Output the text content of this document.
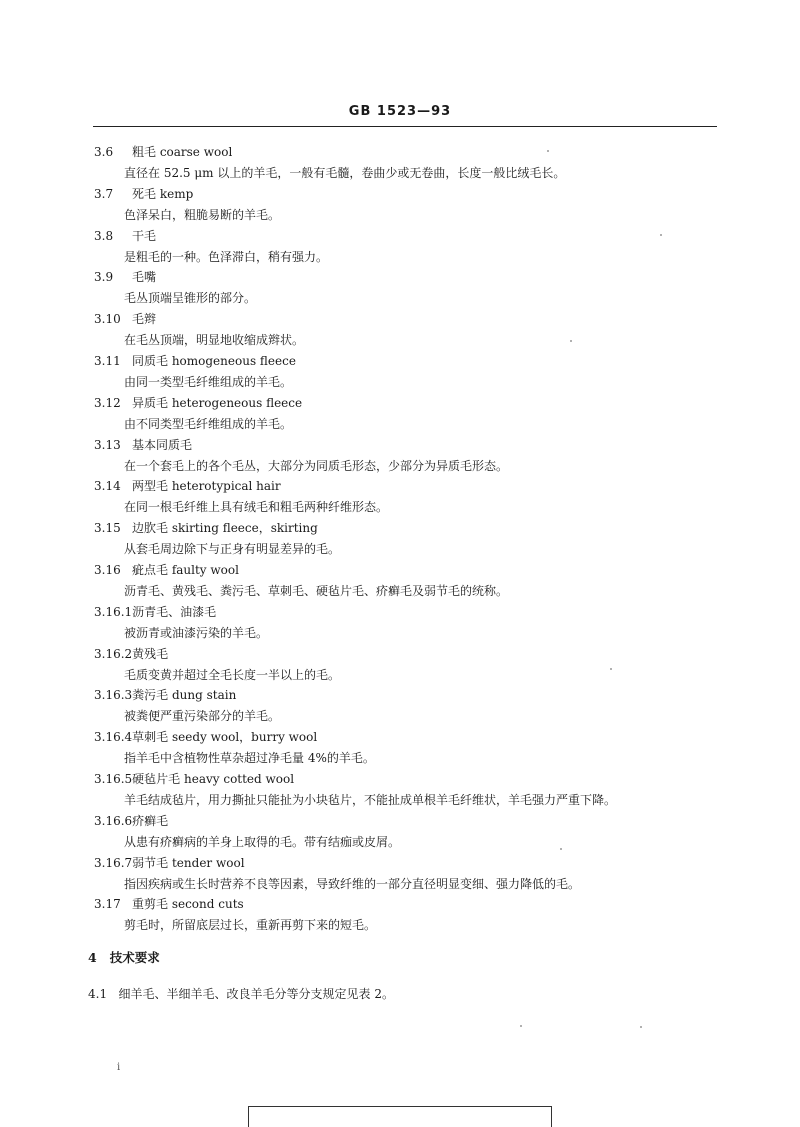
GB 1523—93
3.6 粗毛 coarse wool
直径在 52.5 μm 以上的羊毛，一般有毛髓，卷曲少或无卷曲，长度一般比绒毛长。
3.7 死毛 kemp
色泽呆白，粗脆易断的羊毛。
3.8 干毛
是粗毛的一种。色泽滞白，稍有强力。
3.9 毛嘴
毛丛顶端呈锥形的部分。
3.10 毛辫
在毛丛顶端，明显地收缩成辫状。
3.11 同质毛 homogeneous fleece
由同一类型毛纤维组成的羊毛。
3.12 异质毛 heterogeneous fleece
由不同类型毛纤维组成的羊毛。
3.13 基本同质毛
在一个套毛上的各个毛丛，大部分为同质毛形态，少部分为异质毛形态。
3.14 两型毛 heterotypical hair
在同一根毛纤维上具有绒毛和粗毛两种纤维形态。
3.15 边肷毛 skirting fleece，skirting
从套毛周边除下与正身有明显差异的毛。
3.16 疵点毛 faulty wool
沥青毛、黄残毛、粪污毛、草刺毛、硬毡片毛、疥癣毛及弱节毛的统称。
3.16.1沥青毛、油漆毛
被沥青或油漆污染的羊毛。
3.16.2黄残毛
毛质变黄并超过全毛长度一半以上的毛。
3.16.3粪污毛 dung stain
被粪便严重污染部分的羊毛。
3.16.4草刺毛 seedy wool，burry wool
指羊毛中含植物性草杂超过净毛量 4%的羊毛。
3.16.5硬毡片毛 heavy cotted wool
羊毛结成毡片，用力撕扯只能扯为小块毡片，不能扯成单根羊毛纤维状，羊毛强力严重下降。
3.16.6疥癣毛
从患有疥癣病的羊身上取得的毛。带有结痂或皮屑。
3.16.7弱节毛 tender wool
指因疾病或生长时营养不良等因素，导致纤维的一部分直径明显变细、强力降低的毛。
3.17 重剪毛 second cuts
剪毛时，所留底层过长，重新再剪下来的短毛。
4 技术要求
4.1 细羊毛、半细羊毛、改良羊毛分等分支规定见表 2。
i
